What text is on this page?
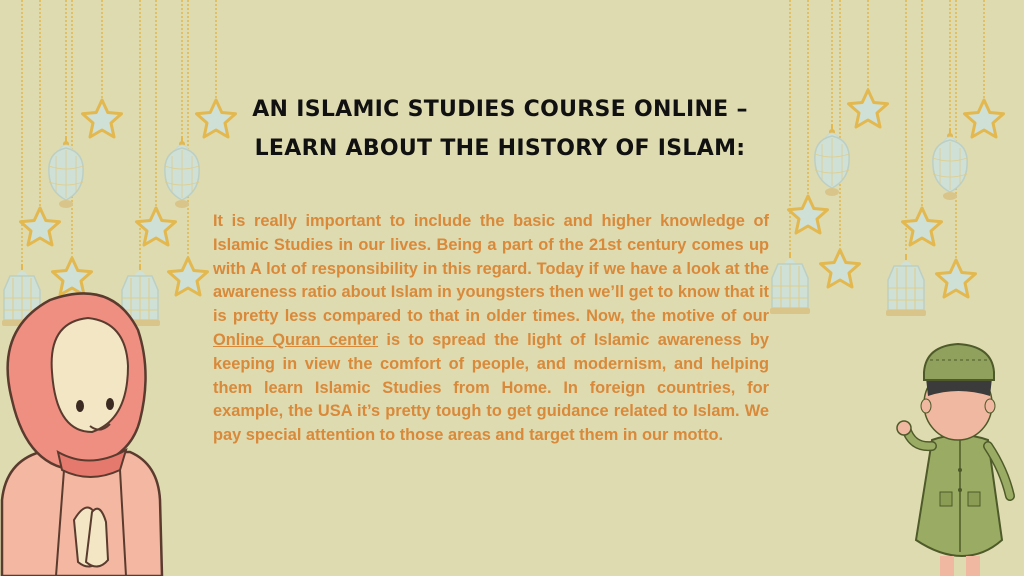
AN ISLAMIC STUDIES COURSE ONLINE – LEARN ABOUT THE HISTORY OF ISLAM:

It is really important to include the basic and higher knowledge of Islamic Studies in our lives. Being a part of the 21st century comes up with A lot of responsibility in this regard. Today if we have a look at the awareness ratio about Islam in youngsters then we’ll get to know that it is pretty less compared to that in older times. Now, the motive of our Online Quran center is to spread the light of Islamic awareness by keeping in view the comfort of people, and modernism, and helping them learn Islamic Studies from Home. In foreign countries, for example, the USA it’s pretty tough to get guidance related to Islam. We pay special attention to those areas and target them in our motto.
